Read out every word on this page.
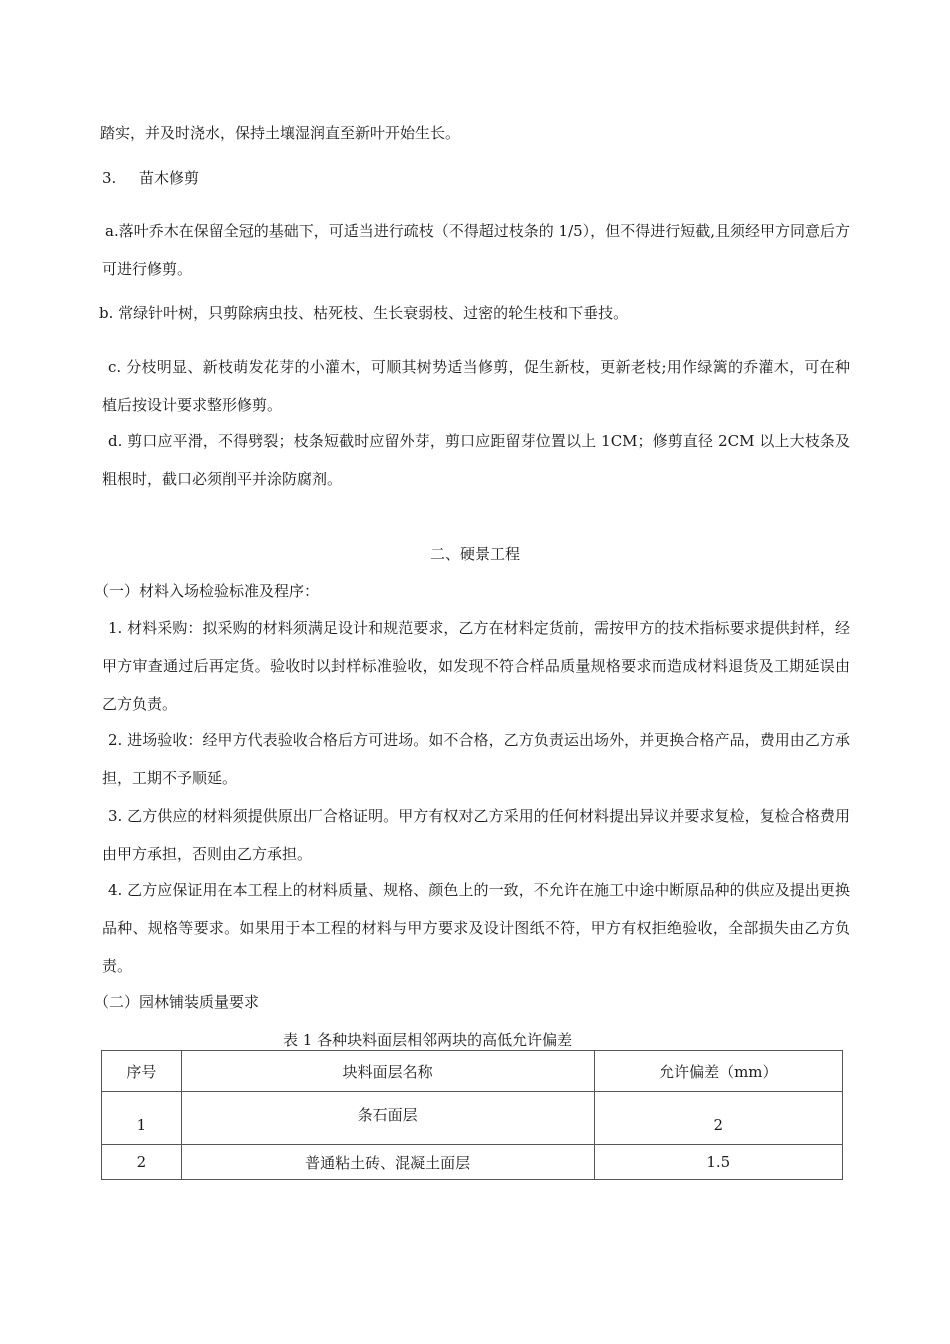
踏实，并及时浇水，保持土壤湿润直至新叶开始生长。
3. 苗木修剪
a.落叶乔木在保留全冠的基础下，可适当进行疏枝（不得超过枝条的 1/5），但不得进行短截,且须经甲方同意后方可进行修剪。
b. 常绿针叶树，只剪除病虫技、枯死枝、生长衰弱枝、过密的轮生枝和下垂技。
c. 分枝明显、新枝萌发花芽的小灌木，可顺其树势适当修剪，促生新枝，更新老枝;用作绿篱的乔灌木，可在种植后按设计要求整形修剪。
d. 剪口应平滑，不得劈裂；枝条短截时应留外芽，剪口应距留芽位置以上 1CM；修剪直径 2CM 以上大枝条及粗根时，截口必须削平并涂防腐剂。
二、硬景工程
（一）材料入场检验标准及程序：
1. 材料采购：拟采购的材料须满足设计和规范要求，乙方在材料定货前，需按甲方的技术指标要求提供封样，经甲方审查通过后再定货。验收时以封样标准验收，如发现不符合样品质量规格要求而造成材料退货及工期延误由乙方负责。
2. 进场验收：经甲方代表验收合格后方可进场。如不合格，乙方负责运出场外，并更换合格产品，费用由乙方承担，工期不予顺延。
3. 乙方供应的材料须提供原出厂合格证明。甲方有权对乙方采用的任何材料提出异议并要求复检，复检合格费用由甲方承担，否则由乙方承担。
4. 乙方应保证用在本工程上的材料质量、规格、颜色上的一致，不允许在施工中途中断原品种的供应及提出更换品种、规格等要求。如果用于本工程的材料与甲方要求及设计图纸不符，甲方有权拒绝验收，全部损失由乙方负责。
（二）园林铺装质量要求
表 1 各种块料面层相邻两块的高低允许偏差
序号	块料面层名称	允许偏差（mm）
1	条石面层	2
2	普通粘土砖、混凝土面层	1.5
